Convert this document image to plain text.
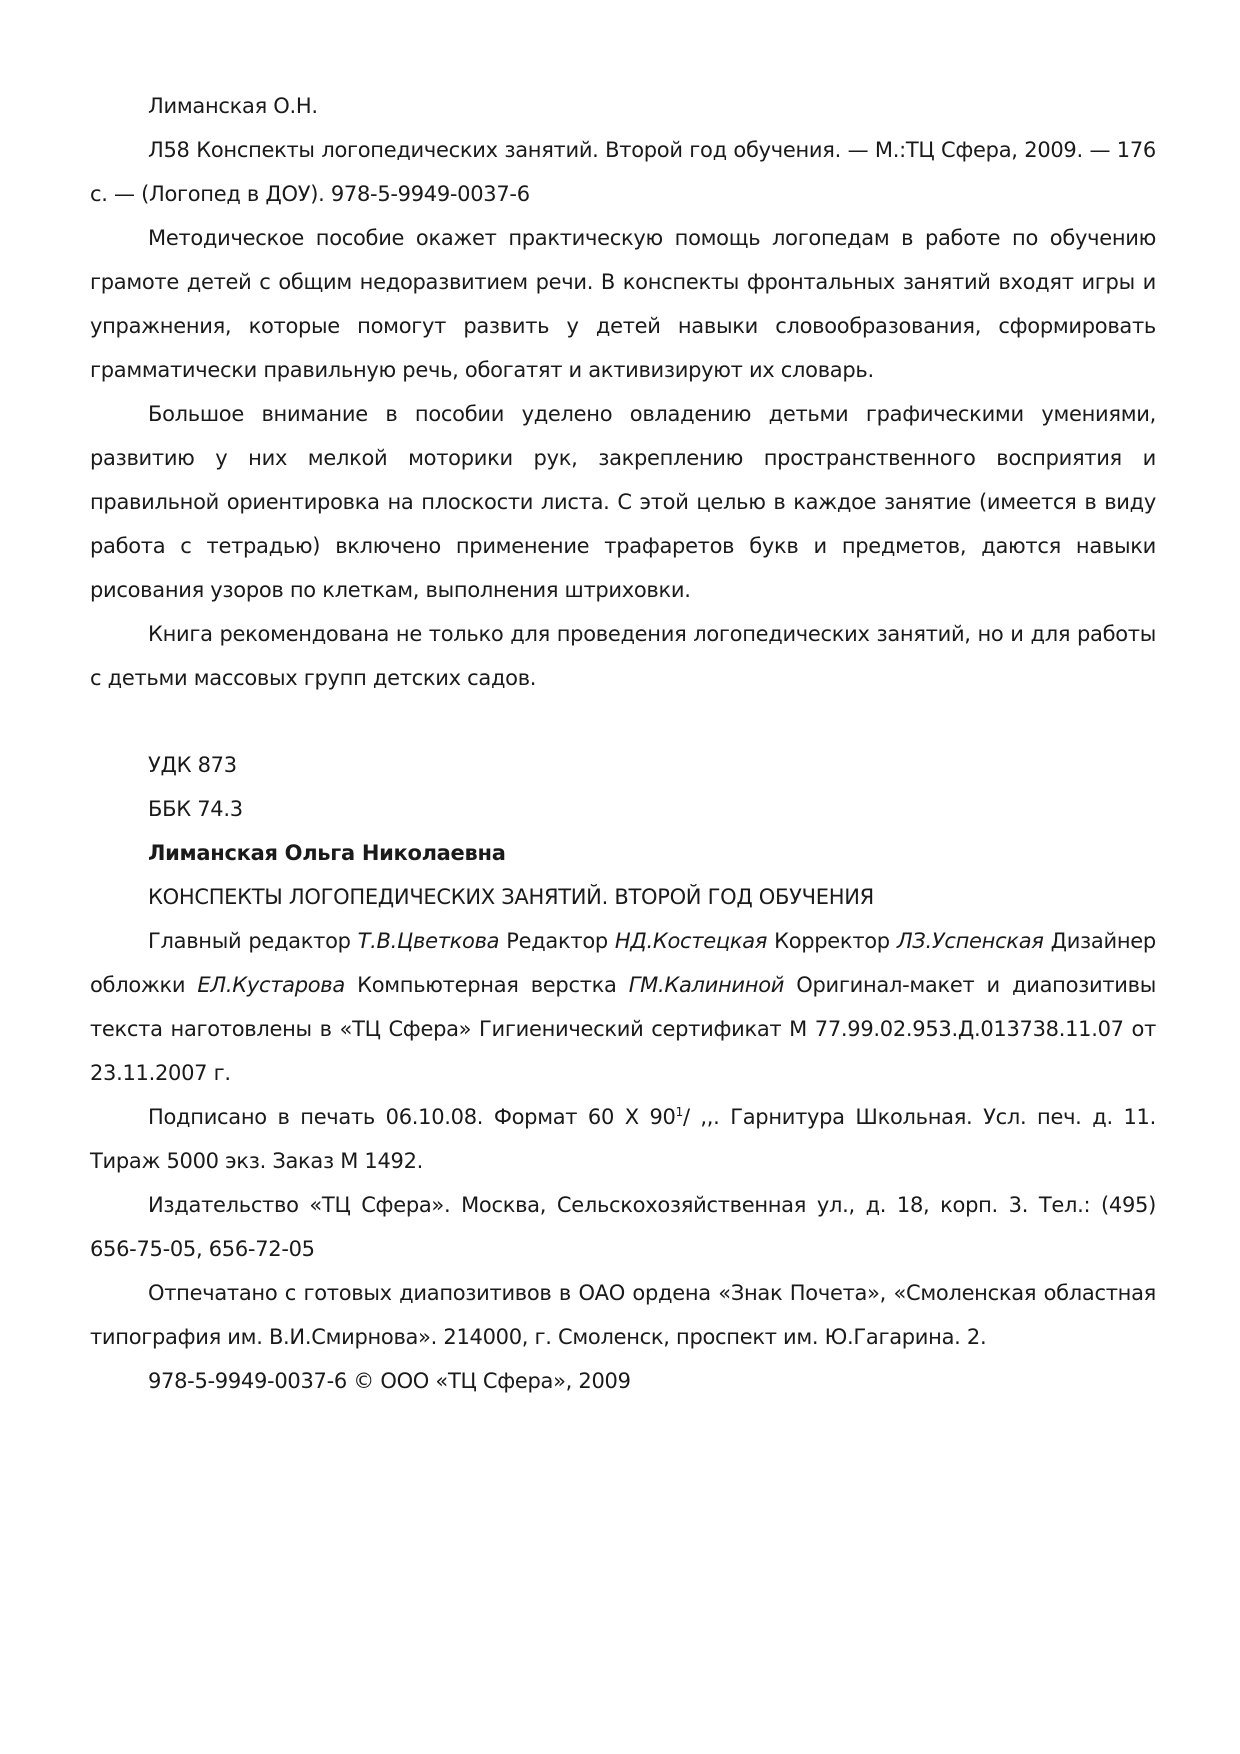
Лиманская О.Н.

Л58 Конспекты логопедических занятий. Второй год обучения. — М.:ТЦ Сфера, 2009. — 176 с. — (Логопед в ДОУ). 978-5-9949-0037-6

Методическое пособие окажет практическую помощь логопедам в работе по обучению грамоте детей с общим недоразвитием речи. В конспекты фронтальных занятий входят игры и упражнения, которые помогут развить у детей навыки словообразования, сформировать грамматически правильную речь, обогатят и активизируют их словарь.

Большое внимание в пособии уделено овладению детьми графическими умениями, развитию у них мелкой моторики рук, закреплению пространственного восприятия и правильной ориентировка на плоскости листа. С этой целью в каждое занятие (имеется в виду работа с тетрадью) включено применение трафаретов букв и предметов, даются навыки рисования узоров по клеткам, выполнения штриховки.

Книга рекомендована не только для проведения логопедических занятий, но и для работы с детьми массовых групп детских садов.

УДК 873

ББК 74.3

Лиманская Ольга Николаевна

КОНСПЕКТЫ ЛОГОПЕДИЧЕСКИХ ЗАНЯТИЙ. ВТОРОЙ ГОД ОБУЧЕНИЯ

Главный редактор Т.В.Цветкова Редактор НД.Костецкая Корректор ЛЗ.Успенская Дизайнер обложки ЕЛ.Кустарова Компьютерная верстка ГМ.Калининой Оригинал-макет и диапозитивы текста наготовлены в «ТЦ Сфера» Гигиенический сертификат М 77.99.02.953.Д.013738.11.07 от 23.11.2007 г.

Подписано в печать 06.10.08. Формат 60 X $90^1/$ ,,. Гарнитура Школьная. Усл. печ. д. 11. Тираж 5000 экз. Заказ М 1492.

Издательство «ТЦ Сфера». Москва, Сельскохозяйственная ул., д. 18, корп. 3. Тел.: (495) 656-75-05, 656-72-05

Отпечатано с готовых диапозитивов в ОАО ордена «Знак Почета», «Смоленская областная типография им. В.И.Смирнова». 214000, г. Смоленск, проспект им. Ю.Гагарина. 2.

978-5-9949-0037-6 © ООО «ТЦ Сфера», 2009
